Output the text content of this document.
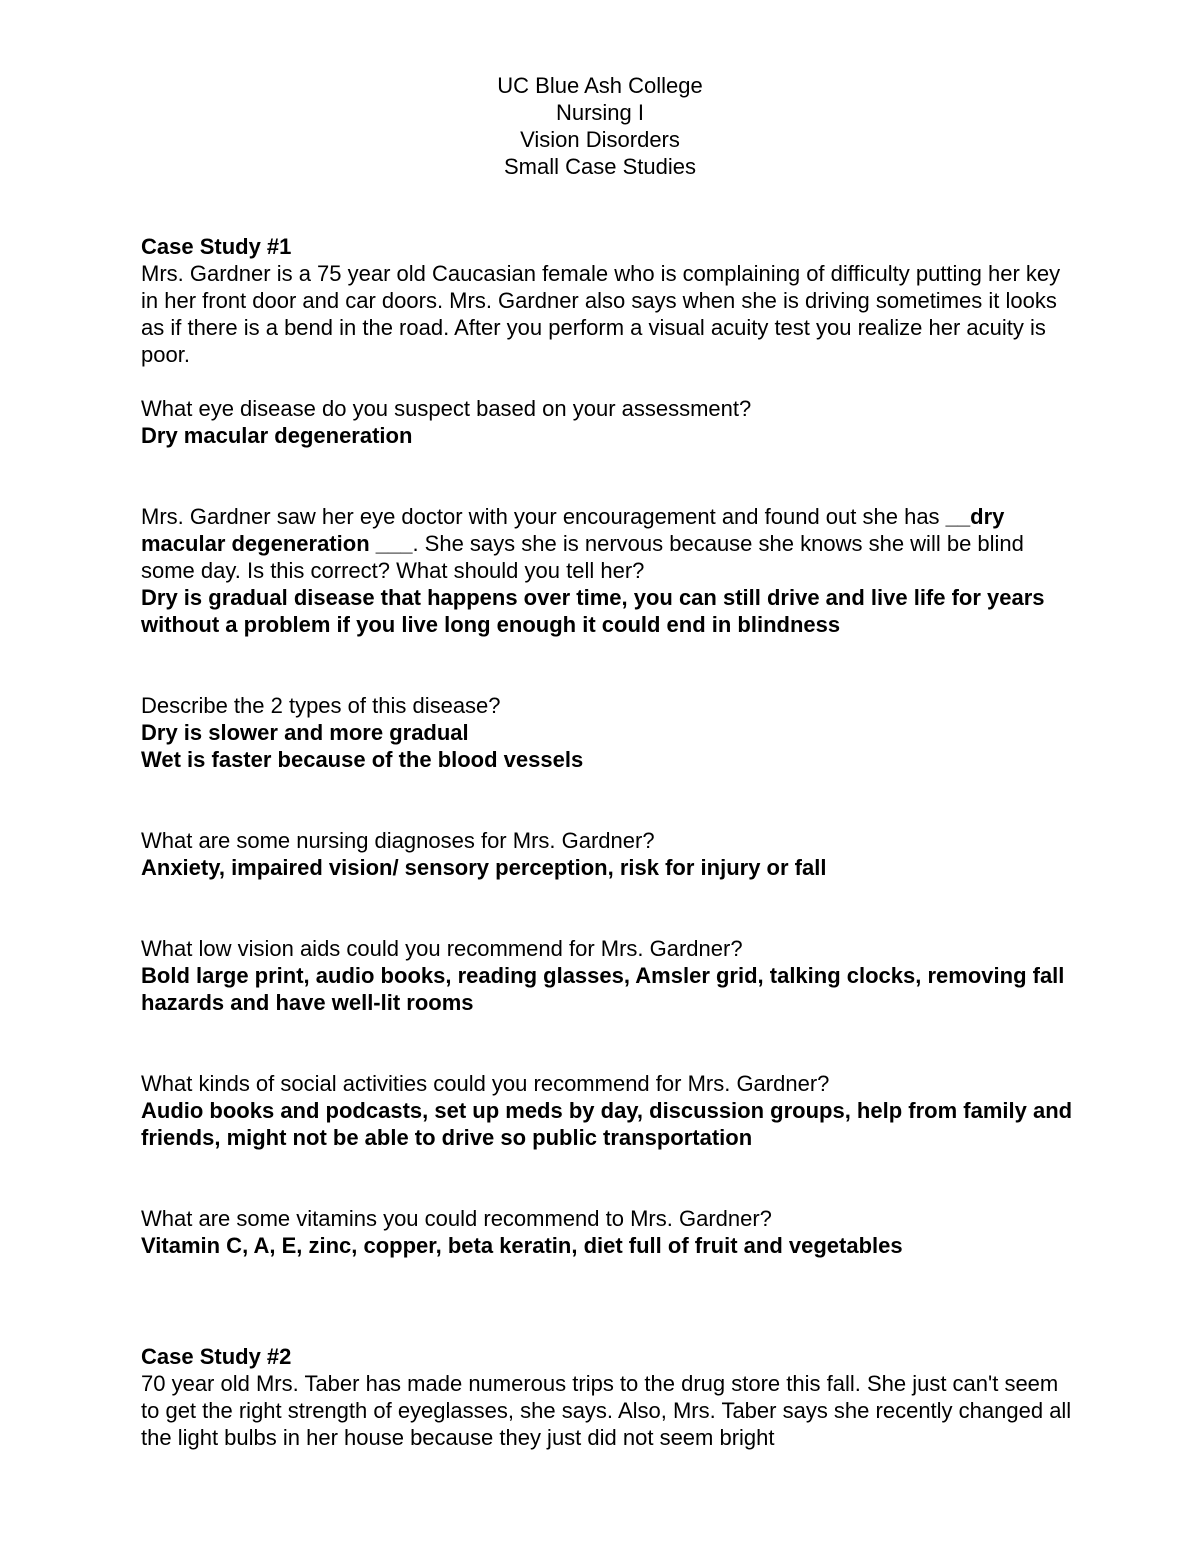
UC Blue Ash College
Nursing I
Vision Disorders
Small Case Studies

Case Study #1

Mrs. Gardner is a 75 year old Caucasian female who is complaining of difficulty putting her key in her front door and car doors. Mrs. Gardner also says when she is driving sometimes it looks as if there is a bend in the road. After you perform a visual acuity test you realize her acuity is poor.

What eye disease do you suspect based on your assessment?

Dry macular degeneration

Mrs. Gardner saw her eye doctor with your encouragement and found out she has __dry macular degeneration ___. She says she is nervous because she knows she will be blind some day. Is this correct? What should you tell her?

Dry is gradual disease that happens over time, you can still drive and live life for years without a problem if you live long enough it could end in blindness

Describe the 2 types of this disease?

Dry is slower and more gradual

Wet is faster because of the blood vessels

What are some nursing diagnoses for Mrs. Gardner?

Anxiety, impaired vision/ sensory perception, risk for injury or fall

What low vision aids could you recommend for Mrs. Gardner?

Bold large print, audio books, reading glasses, Amsler grid, talking clocks, removing fall hazards and have well-lit rooms

What kinds of social activities could you recommend for Mrs. Gardner?

Audio books and podcasts, set up meds by day, discussion groups, help from family and friends, might not be able to drive so public transportation

What are some vitamins you could recommend to Mrs. Gardner?

Vitamin C, A, E, zinc, copper, beta keratin, diet full of fruit and vegetables

Case Study #2

70 year old Mrs. Taber has made numerous trips to the drug store this fall. She just can't seem to get the right strength of eyeglasses, she says. Also, Mrs. Taber says she recently changed all the light bulbs in her house because they just did not seem bright
